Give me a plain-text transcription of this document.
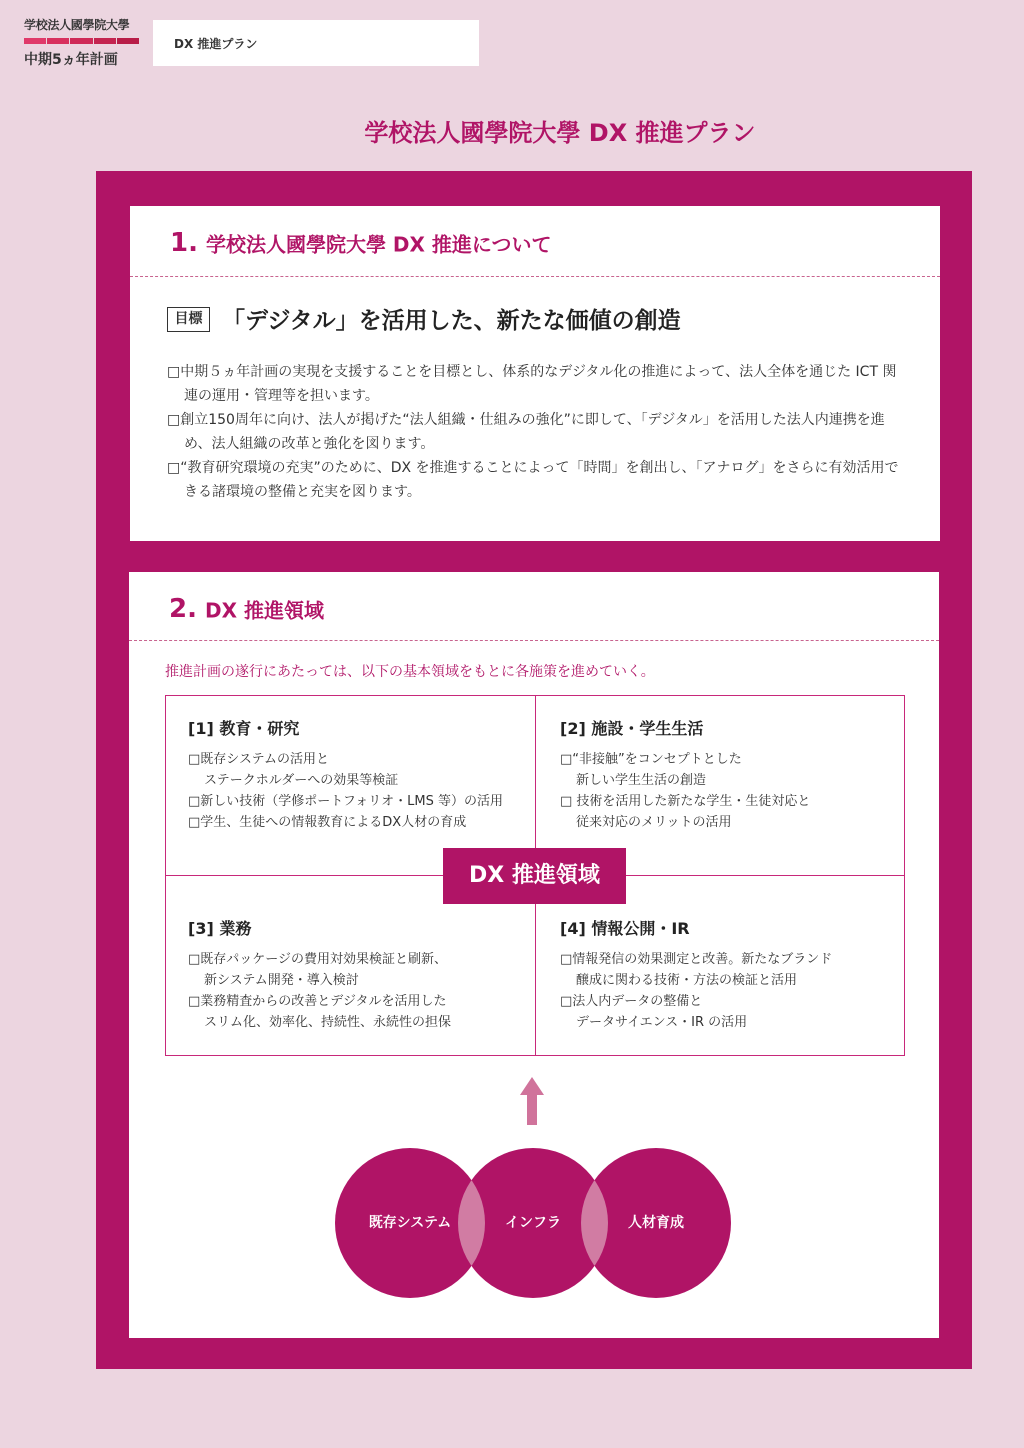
学校法人國學院大學
中期5ヵ年計画
DX 推進プラン
学校法人國學院大學 DX 推進プラン
1. 学校法人國學院大學 DX 推進について
目標 「デジタル」を活用した、新たな価値の創造

□中期５ヵ年計画の実現を支援することを目標とし、体系的なデジタル化の推進によって、法人全体を通じた ICT 関連の運用・管理等を担います。

□創立150周年に向け、法人が掲げた“法人組織・仕組みの強化”に即して、「デジタル」を活用した法人内連携を進め、法人組織の改革と強化を図ります。

□“教育研究環境の充実”のために、DX を推進することによって「時間」を創出し、「アナログ」をさらに有効活用できる諸環境の整備と充実を図ります。

2. DX 推進領域
推進計画の遂行にあたっては、以下の基本領域をもとに各施策を進めていく。
[1] 教育・研究
□既存システムの活用と
ステークホルダーへの効果等検証
□新しい技術（学修ポートフォリオ・LMS 等）の活用
□学生、生徒への情報教育によるDX人材の育成
[2] 施設・学生生活
□“非接触”をコンセプトとした
新しい学生生活の創造
□ 技術を活用した新たな学生・生徒対応と
従来対応のメリットの活用
[3] 業務
□既存パッケージの費用対効果検証と刷新、
新システム開発・導入検討
□業務精査からの改善とデジタルを活用した
スリム化、効率化、持続性、永続性の担保
[4] 情報公開・IR
□情報発信の効果測定と改善。新たなブランド
醸成に関わる技術・方法の検証と活用
□法人内データの整備と
データサイエンス・IR の活用
DX 推進領域
既存システム	インフラ	人材育成
